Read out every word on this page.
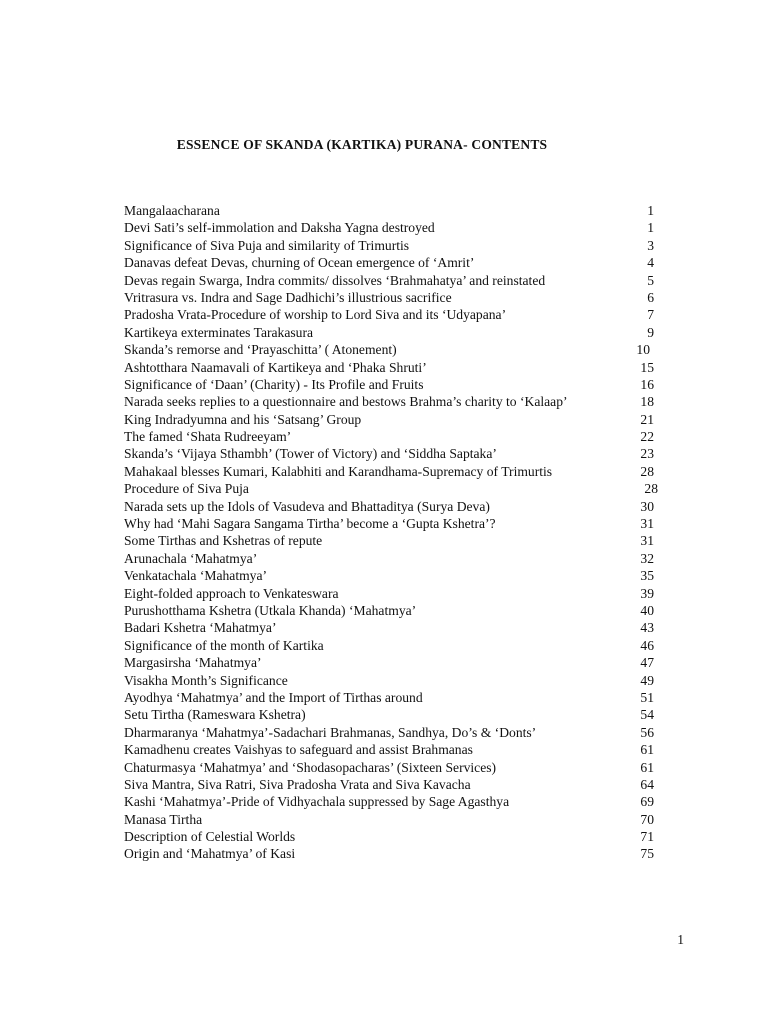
ESSENCE OF SKANDA (KARTIKA) PURANA- CONTENTS
Mangalaacharana	1
Devi Sati’s self-immolation and Daksha Yagna destroyed	1
Significance of Siva Puja and similarity of Trimurtis	3
Danavas defeat Devas, churning of Ocean emergence of ‘Amrit’	4
Devas regain Swarga, Indra commits/ dissolves ‘Brahmahatya’ and reinstated	5
Vritrasura vs. Indra and Sage Dadhichi’s illustrious sacrifice	6
Pradosha Vrata-Procedure of worship to Lord Siva and its ‘Udyapana’	7
Kartikeya exterminates Tarakasura	9
Skanda’s remorse and ‘Prayaschitta’ ( Atonement)	10
Ashtotthara Naamavali of Kartikeya and ‘Phaka Shruti’	15
Significance of ‘Daan’ (Charity) - Its Profile and Fruits	16
Narada seeks replies to a questionnaire and bestows Brahma’s charity to ‘Kalaap’	18
King Indradyumna and his ‘Satsang’ Group	21
The famed ‘Shata Rudreeyam’	22
Skanda’s ‘Vijaya Sthambh’ (Tower of Victory) and ‘Siddha Saptaka’	23
Mahakaal blesses Kumari, Kalabhiti and Karandhama-Supremacy of Trimurtis	28
Procedure of Siva Puja	28
Narada sets up the Idols of Vasudeva and Bhattaditya (Surya Deva)	30
Why had ‘Mahi Sagara Sangama Tirtha’ become a ‘Gupta Kshetra’?	31
Some Tirthas and Kshetras of repute	31
Arunachala ‘Mahatmya’	32
Venkatachala ‘Mahatmya’	35
Eight-folded approach to Venkateswara	39
Purushotthama Kshetra (Utkala Khanda) ‘Mahatmya’	40
Badari Kshetra ‘Mahatmya’	43
Significance of the month of Kartika	46
Margasirsha ‘Mahatmya’	47
Visakha Month’s Significance	49
Ayodhya ‘Mahatmya’ and the Import of Tirthas around	51
Setu Tirtha (Rameswara Kshetra)	54
Dharmaranya ‘Mahatmya’-Sadachari Brahmanas, Sandhya, Do’s & ‘Donts’	56
Kamadhenu creates Vaishyas to safeguard and assist Brahmanas	61
Chaturmasya ‘Mahatmya’ and ‘Shodasopacharas’ (Sixteen Services)	61
Siva Mantra, Siva Ratri, Siva Pradosha Vrata and Siva Kavacha	64
Kashi ‘Mahatmya’-Pride of Vidhyachala suppressed by Sage Agasthya	69
Manasa Tirtha	70
Description of Celestial Worlds	71
Origin and ‘Mahatmya’ of Kasi	75
1
